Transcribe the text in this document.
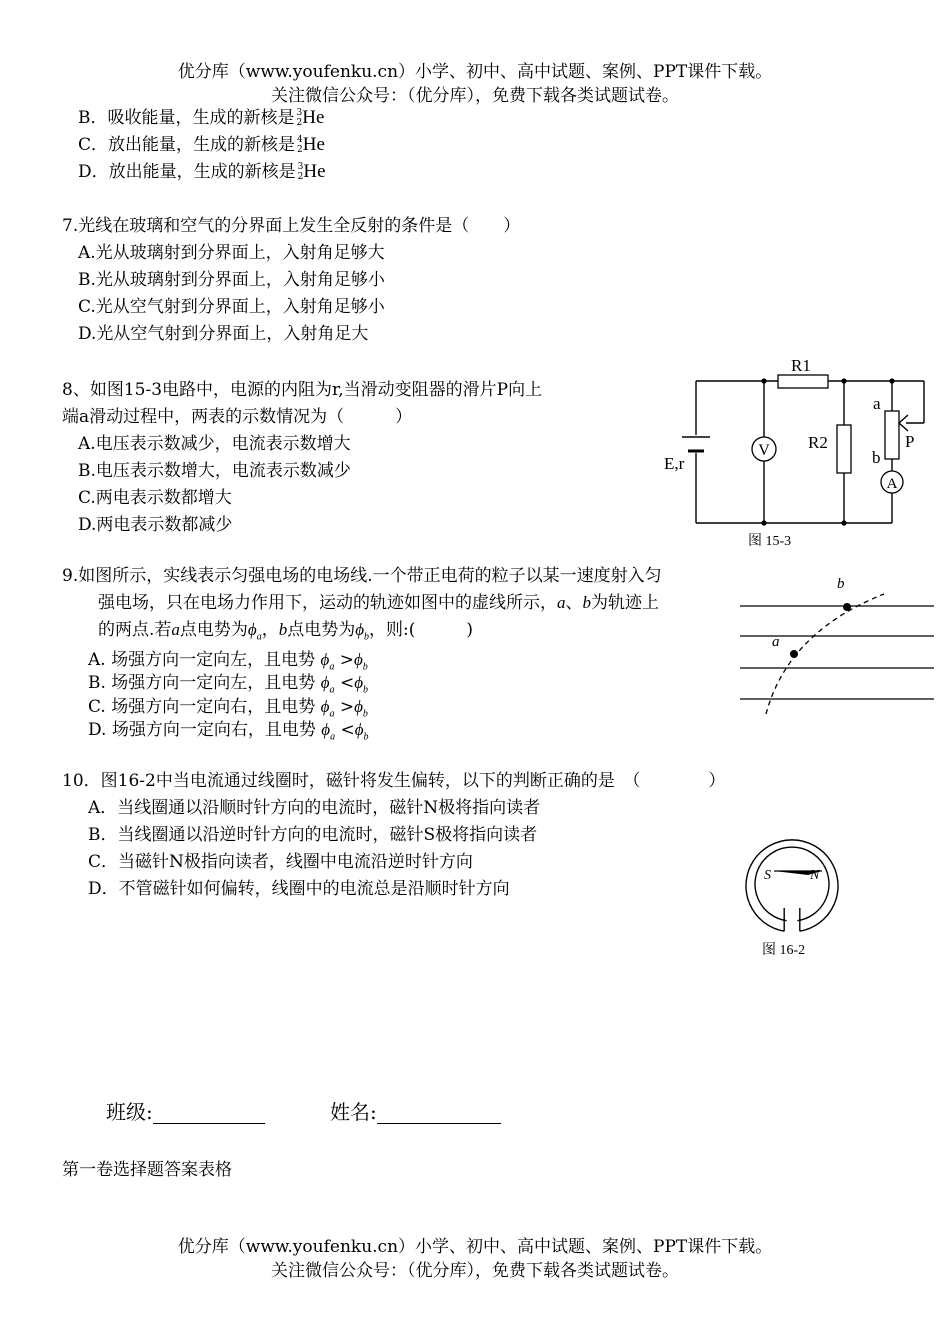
优分库（www.youfenku.cn）小学、初中、高中试题、案例、PPT课件下载。
关注微信公众号：（优分库），免费下载各类试题试卷。
B．吸收能量，生成的新核是 3
2 He
C．放出能量，生成的新核是 4
2 He
D．放出能量，生成的新核是 3
2 He
7.光线在玻璃和空气的分界面上发生全反射的条件是（　　）
A.光从玻璃射到分界面上，入射角足够大
B.光从玻璃射到分界面上，入射角足够小
C.光从空气射到分界面上，入射角足够小
D.光从空气射到分界面上，入射角足大
8、如图15-3电路中，电源的内阻为r,当滑动变阻器的滑片P向上
端a滑动过程中，两表的示数情况为（　　　）
A.电压表示数减少，电流表示数增大
B.电压表示数增大，电流表示数减少
C.两电表示数都增大
D.两电表示数都减少
R1
R2
a
b
P
V
A
E,r
图 15-3
9.如图所示，实线表示匀强电场的电场线.一个带正电荷的粒子以某一速度射入匀
强电场，只在电场力作用下，运动的轨迹如图中的虚线所示，a、b为轨迹上
的两点.若a点电势为$\phi_a$，b点电势为$\phi_b$，则:(　　　)
A. 场强方向一定向左，且电势 $\phi_a >\phi_b$
B. 场强方向一定向左，且电势 $\phi_a <\phi_b$
C. 场强方向一定向右，且电势 $\phi_a >\phi_b$
D. 场强方向一定向右，且电势 $\phi_a <\phi_b$
a
b
10．图16-2中当电流通过线圈时，磁针将发生偏转，以下的判断正确的是　（　　　　）
A．当线圈通以沿顺时针方向的电流时，磁针N极将指向读者
B．当线圈通以沿逆时针方向的电流时，磁针S极将指向读者
C．当磁针N极指向读者，线圈中电流沿逆时针方向
D．不管磁针如何偏转，线圈中的电流总是沿顺时针方向
S	N
图 16-2
班级:	姓名:
第一卷选择题答案表格
优分库（www.youfenku.cn）小学、初中、高中试题、案例、PPT课件下载。
关注微信公众号：（优分库），免费下载各类试题试卷。
